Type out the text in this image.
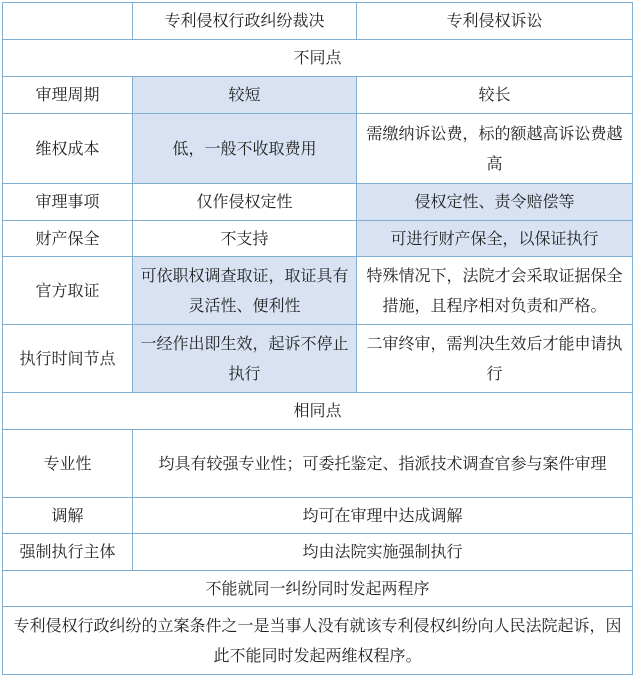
	专利侵权行政纠纷裁决	专利侵权诉讼
不同点		
审理周期	较短	较长
维权成本	低，一般不收取费用	需缴纳诉讼费，标的额越高诉讼费越高
审理事项	仅作侵权定性	侵权定性、责令赔偿等
财产保全	不支持	可进行财产保全，以保证执行
官方取证	可依职权调查取证，取证具有灵活性、便利性	特殊情况下，法院才会采取证据保全措施，且程序相对负责和严格。
执行时间节点	一经作出即生效，起诉不停止执行	二审终审，需判决生效后才能申请执行
相同点		
专业性	均具有较强专业性；可委托鉴定、指派技术调查官参与案件审理	
调解	均可在审理中达成调解	
强制执行主体	均由法院实施强制执行	
不能就同一纠纷同时发起两程序		
专利侵权行政纠纷的立案条件之一是当事人没有就该专利侵权纠纷向人民法院起诉，因此不能同时发起两维权程序。		
